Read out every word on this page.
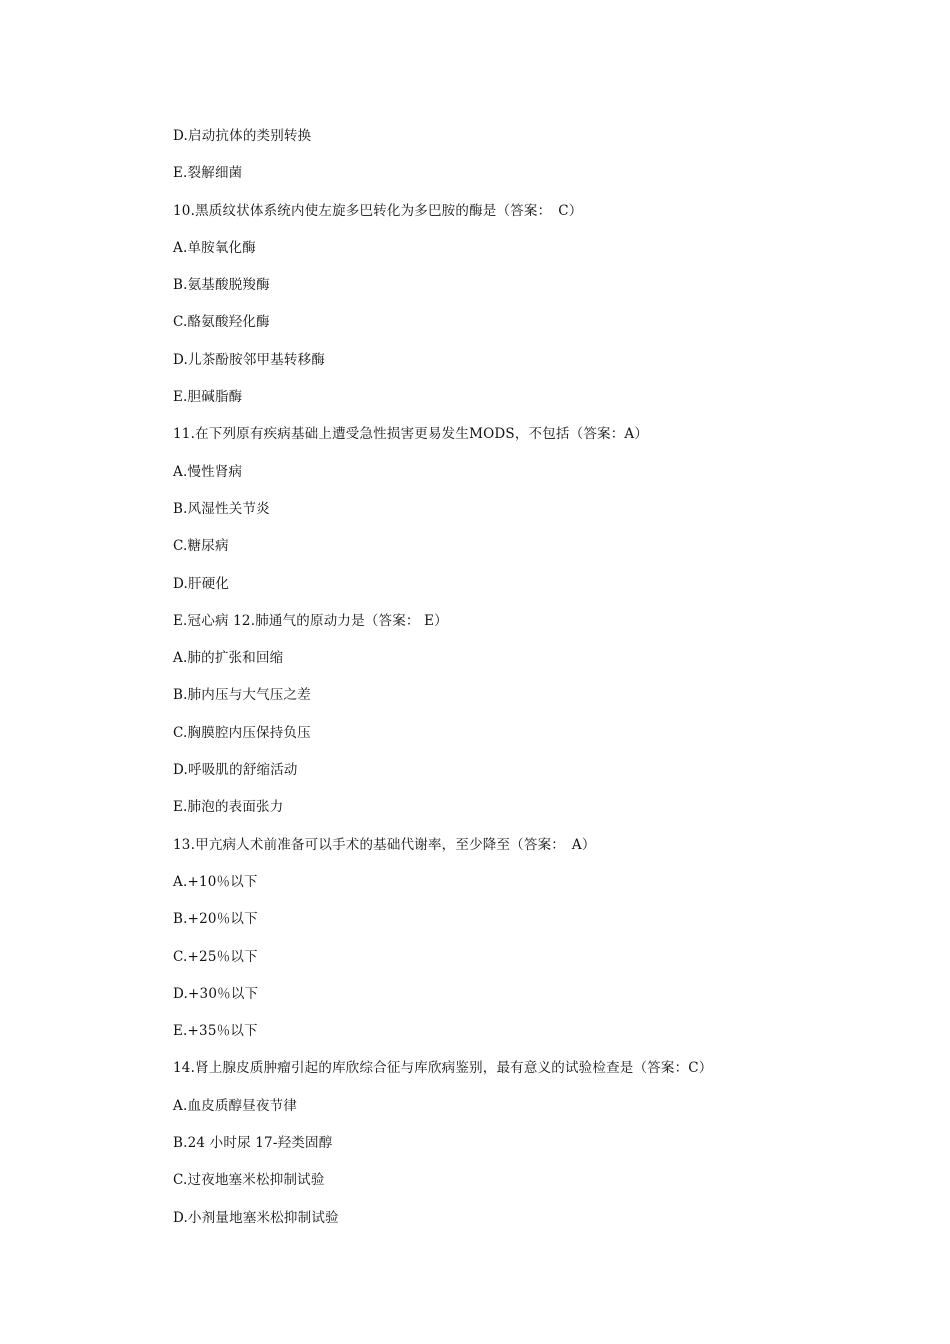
D.启动抗体的类别转换
E.裂解细菌
10.黑质纹状体系统内使左旋多巴转化为多巴胺的酶是（答案：　C）
A.单胺氧化酶
B.氨基酸脱羧酶
C.酪氨酸羟化酶
D.儿茶酚胺邻甲基转移酶
E.胆碱脂酶
11.在下列原有疾病基础上遭受急性损害更易发生MODS，不包括（答案：A）
A.慢性肾病
B.风湿性关节炎
C.糖尿病
D.肝硬化
E.冠心病 12.肺通气的原动力是（答案： E）
A.肺的扩张和回缩
B.肺内压与大气压之差
C.胸膜腔内压保持负压
D.呼吸肌的舒缩活动
E.肺泡的表面张力
13.甲亢病人术前准备可以手术的基础代谢率，至少降至（答案：　A）
A.+10％以下
B.+20％以下
C.+25％以下
D.+30％以下
E.+35％以下
14.肾上腺皮质肿瘤引起的库欣综合征与库欣病鉴别，最有意义的试验检查是（答案：C）
A.血皮质醇昼夜节律
B.24 小时尿 17-羟类固醇
C.过夜地塞米松抑制试验
D.小剂量地塞米松抑制试验
